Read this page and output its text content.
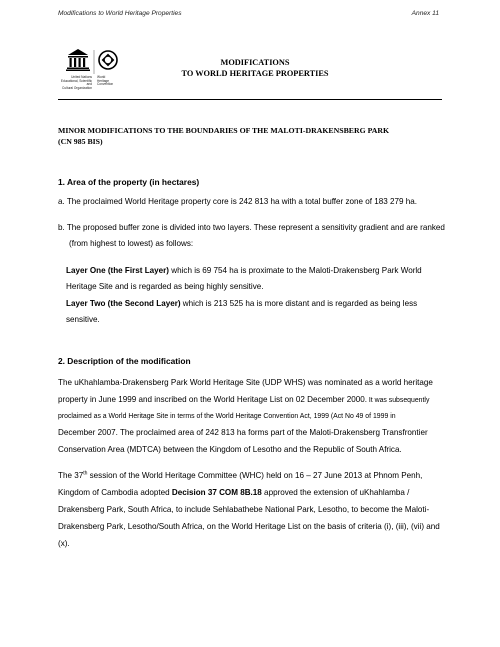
Modifications to World Heritage Properties	Annex 11
United Nations
Educational, Scientific and
Cultural Organization
World
Heritage
Convention
MODIFICATIONS
TO WORLD HERITAGE PROPERTIES
MINOR MODIFICATIONS TO THE BOUNDARIES OF THE MALOTI-DRAKENSBERG PARK
(CN 985 BIS)
1. Area of the property (in hectares)
a. The proclaimed World Heritage property core is 242 813 ha with a total buffer zone of 183 279 ha.
b. The proposed buffer zone is divided into two layers. These represent a sensitivity gradient and are ranked
(from highest to lowest) as follows:
Layer One (the First Layer) which is 69 754 ha is proximate to the Maloti-Drakensberg Park World
Heritage Site and is regarded as being highly sensitive.
Layer Two (the Second Layer) which is 213 525 ha is more distant and is regarded as being less
sensitive.
2. Description of the modification
The uKhahlamba-Drakensberg Park World Heritage Site (UDP WHS) was nominated as a world heritage
property in June 1999 and inscribed on the World Heritage List on 02 December 2000. It was subsequently
proclaimed as a World Heritage Site in terms of the World Heritage Convention Act, 1999 (Act No 49 of 1999 in
December 2007. The proclaimed area of 242 813 ha forms part of the Maloti-Drakensberg Transfrontier
Conservation Area (MDTCA) between the Kingdom of Lesotho and the Republic of South Africa.
The 37th session of the World Heritage Committee (WHC) held on 16 – 27 June 2013 at Phnom Penh,
Kingdom of Cambodia adopted Decision 37 COM 8B.18 approved the extension of uKhahlamba /
Drakensberg Park, South Africa, to include Sehlabathebe National Park, Lesotho, to become the Maloti-
Drakensberg Park, Lesotho/South Africa, on the World Heritage List on the basis of criteria (i), (iii), (vii) and
(x).
